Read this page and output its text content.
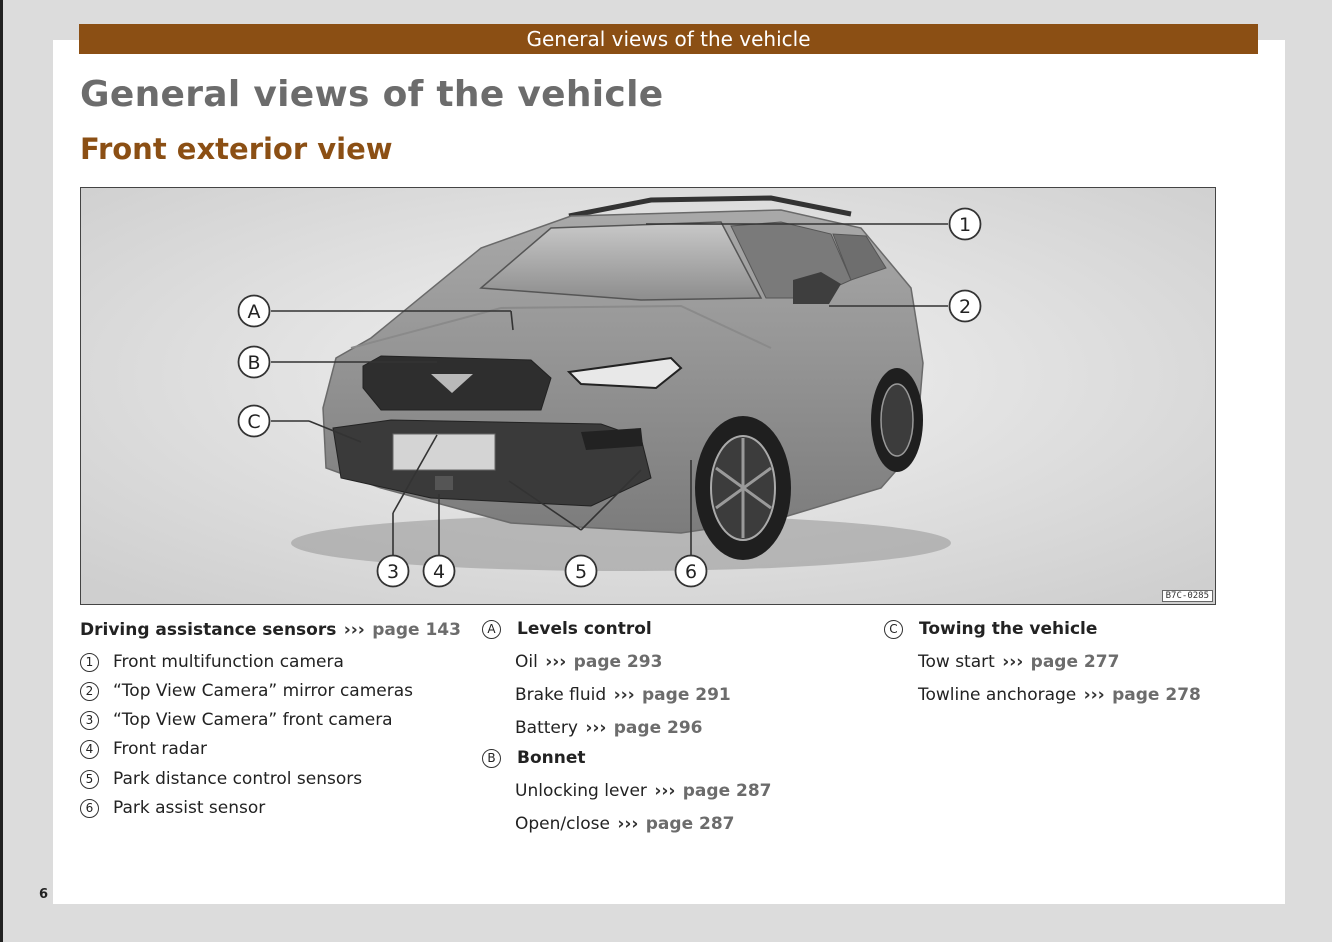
General views of the vehicle
General views of the vehicle
Front exterior view
1
2
A
B
C
3 4	5	6
B7C-0285
Driving assistance sensors ››› page 143
1 Front multifunction camera
2 “Top View Camera” mirror cameras
3 “Top View Camera” front camera
4 Front radar
5 Park distance control sensors
6 Park assist sensor
A Levels control
Oil ››› page 293
Brake fluid ››› page 291
Battery ››› page 296
B Bonnet
Unlocking lever ››› page 287
Open/close ››› page 287
C Towing the vehicle
Tow start ››› page 277
Towline anchorage ››› page 278
6
